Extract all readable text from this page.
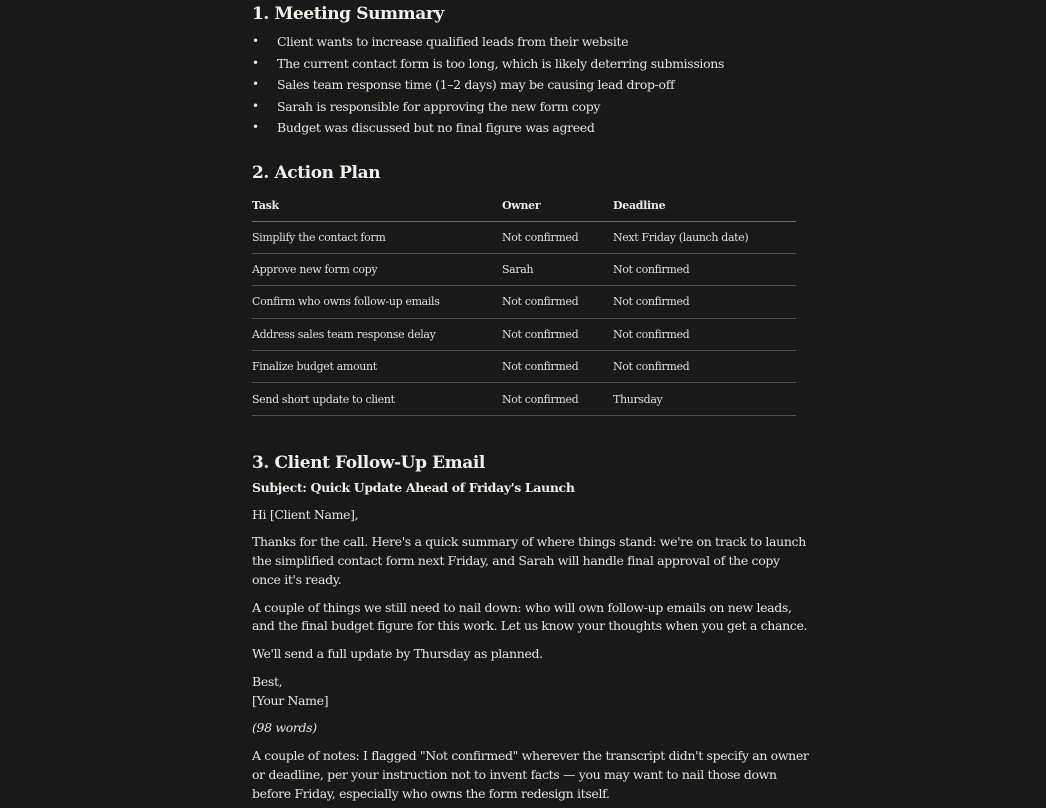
1. Meeting Summary
• Client wants to increase qualified leads from their website
• The current contact form is too long, which is likely deterring submissions
• Sales team response time (1–2 days) may be causing lead drop-off
• Sarah is responsible for approving the new form copy
• Budget was discussed but no final figure was agreed
2. Action Plan
Task	Owner	Deadline
Simplify the contact form	Not confirmed	Next Friday (launch date)
Approve new form copy	Sarah	Not confirmed
Confirm who owns follow-up emails	Not confirmed	Not confirmed
Address sales team response delay	Not confirmed	Not confirmed
Finalize budget amount	Not confirmed	Not confirmed
Send short update to client	Not confirmed	Thursday
3. Client Follow-Up Email

Subject: Quick Update Ahead of Friday's Launch

Hi [Client Name],

Thanks for the call. Here's a quick summary of where things stand: we're on track to launch
the simplified contact form next Friday, and Sarah will handle final approval of the copy
once it's ready.

A couple of things we still need to nail down: who will own follow-up emails on new leads,
and the final budget figure for this work. Let us know your thoughts when you get a chance.

We'll send a full update by Thursday as planned.

Best,
[Your Name]

(98 words)

A couple of notes: I flagged "Not confirmed" wherever the transcript didn't specify an owner
or deadline, per your instruction not to invent facts — you may want to nail those down
before Friday, especially who owns the form redesign itself.
